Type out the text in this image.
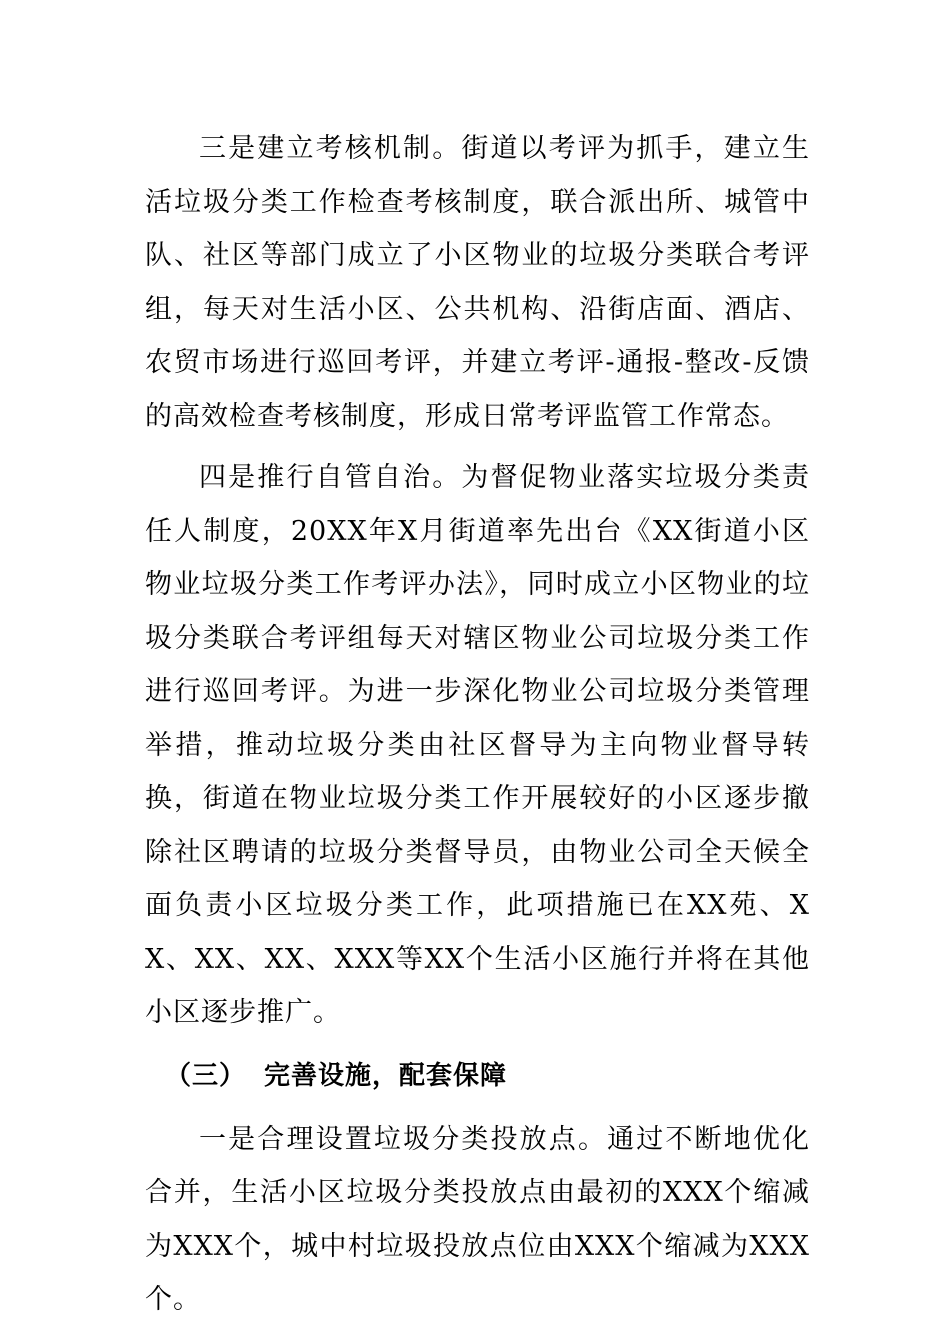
三是建立考核机制。街道以考评为抓手，建立生活垃圾分类工作检查考核制度，联合派出所、城管中队、社区等部门成立了小区物业的垃圾分类联合考评组，每天对生活小区、公共机构、沿街店面、酒店、农贸市场进行巡回考评，并建立考评-通报-整改-反馈的高效检查考核制度，形成日常考评监管工作常态。

四是推行自管自治。为督促物业落实垃圾分类责任人制度，20XX年X月街道率先出台《XX街道小区物业垃圾分类工作考评办法》，同时成立小区物业的垃圾分类联合考评组每天对辖区物业公司垃圾分类工作进行巡回考评。为进一步深化物业公司垃圾分类管理举措，推动垃圾分类由社区督导为主向物业督导转换，街道在物业垃圾分类工作开展较好的小区逐步撤除社区聘请的垃圾分类督导员，由物业公司全天候全面负责小区垃圾分类工作，此项措施已在XX苑、XX、XX、XX、XXX等XX个生活小区施行并将在其他小区逐步推广。

（三） 完善设施，配套保障

一是合理设置垃圾分类投放点。通过不断地优化合并，生活小区垃圾分类投放点由最初的XXX个缩减为XXX个，城中村垃圾投放点位由XXX个缩减为XXX个。
